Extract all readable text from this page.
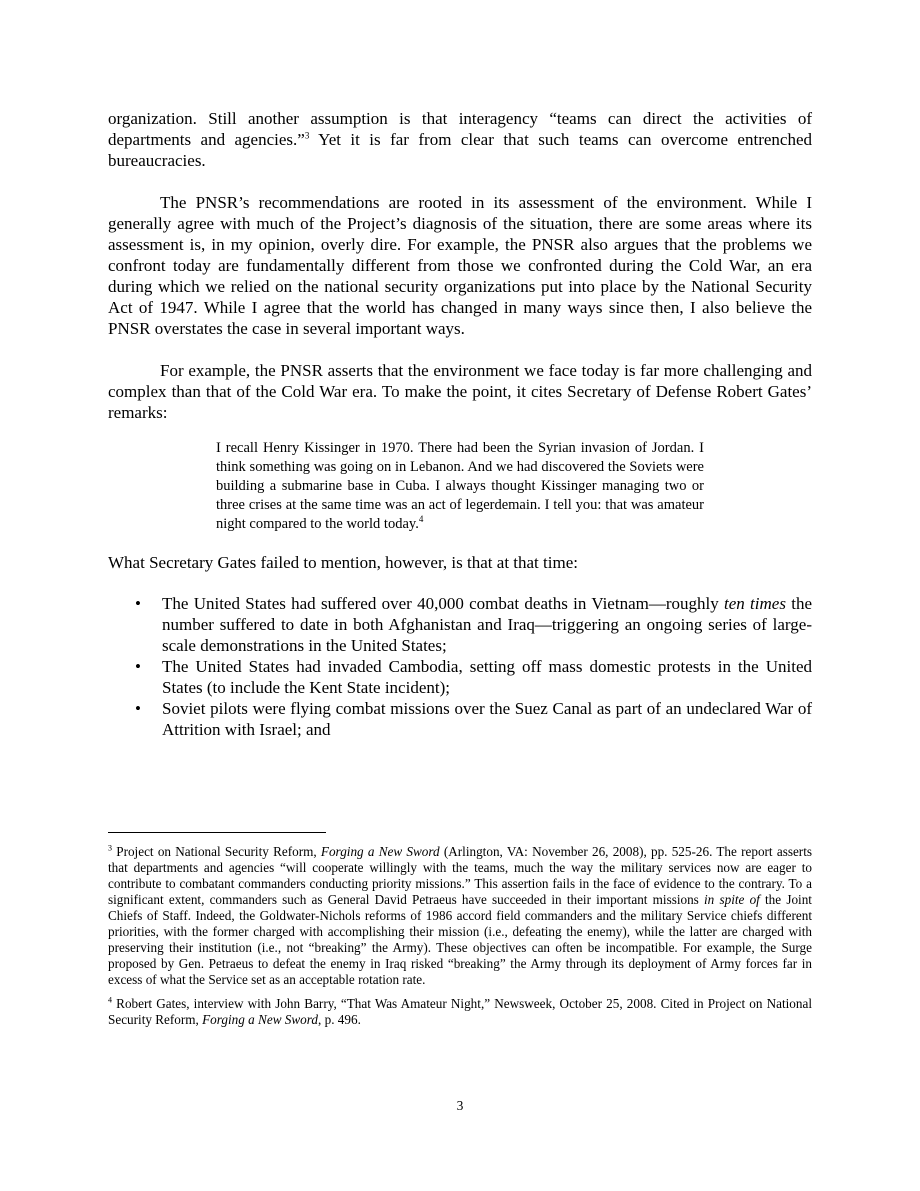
organization. Still another assumption is that interagency “teams can direct the activities of departments and agencies.”$^3$ Yet it is far from clear that such teams can overcome entrenched bureaucracies.

The PNSR’s recommendations are rooted in its assessment of the environment. While I generally agree with much of the Project’s diagnosis of the situation, there are some areas where its assessment is, in my opinion, overly dire. For example, the PNSR also argues that the problems we confront today are fundamentally different from those we confronted during the Cold War, an era during which we relied on the national security organizations put into place by the National Security Act of 1947. While I agree that the world has changed in many ways since then, I also believe the PNSR overstates the case in several important ways.

For example, the PNSR asserts that the environment we face today is far more challenging and complex than that of the Cold War era. To make the point, it cites Secretary of Defense Robert Gates’ remarks:

I recall Henry Kissinger in 1970. There had been the Syrian invasion of Jordan. I think something was going on in Lebanon. And we had discovered the Soviets were building a submarine base in Cuba. I always thought Kissinger managing two or three crises at the same time was an act of legerdemain. I tell you: that was amateur night compared to the world today.$^4$

What Secretary Gates failed to mention, however, is that at that time:

• The United States had suffered over 40,000 combat deaths in Vietnam—roughly ten times the number suffered to date in both Afghanistan and Iraq—triggering an ongoing series of large-scale demonstrations in the United States;
• The United States had invaded Cambodia, setting off mass domestic protests in the United States (to include the Kent State incident);
• Soviet pilots were flying combat missions over the Suez Canal as part of an undeclared War of Attrition with Israel; and

$^3$ Project on National Security Reform, Forging a New Sword (Arlington, VA: November 26, 2008), pp. 525-26. The report asserts that departments and agencies “will cooperate willingly with the teams, much the way the military services now are eager to contribute to combatant commanders conducting priority missions.” This assertion fails in the face of evidence to the contrary. To a significant extent, commanders such as General David Petraeus have succeeded in their important missions in spite of the Joint Chiefs of Staff. Indeed, the Goldwater-Nichols reforms of 1986 accord field commanders and the military Service chiefs different priorities, with the former charged with accomplishing their mission (i.e., defeating the enemy), while the latter are charged with preserving their institution (i.e., not “breaking” the Army). These objectives can often be incompatible. For example, the Surge proposed by Gen. Petraeus to defeat the enemy in Iraq risked “breaking” the Army through its deployment of Army forces far in excess of what the Service set as an acceptable rotation rate.

$^4$ Robert Gates, interview with John Barry, “That Was Amateur Night,” Newsweek, October 25, 2008. Cited in Project on National Security Reform, Forging a New Sword, p. 496.

3
